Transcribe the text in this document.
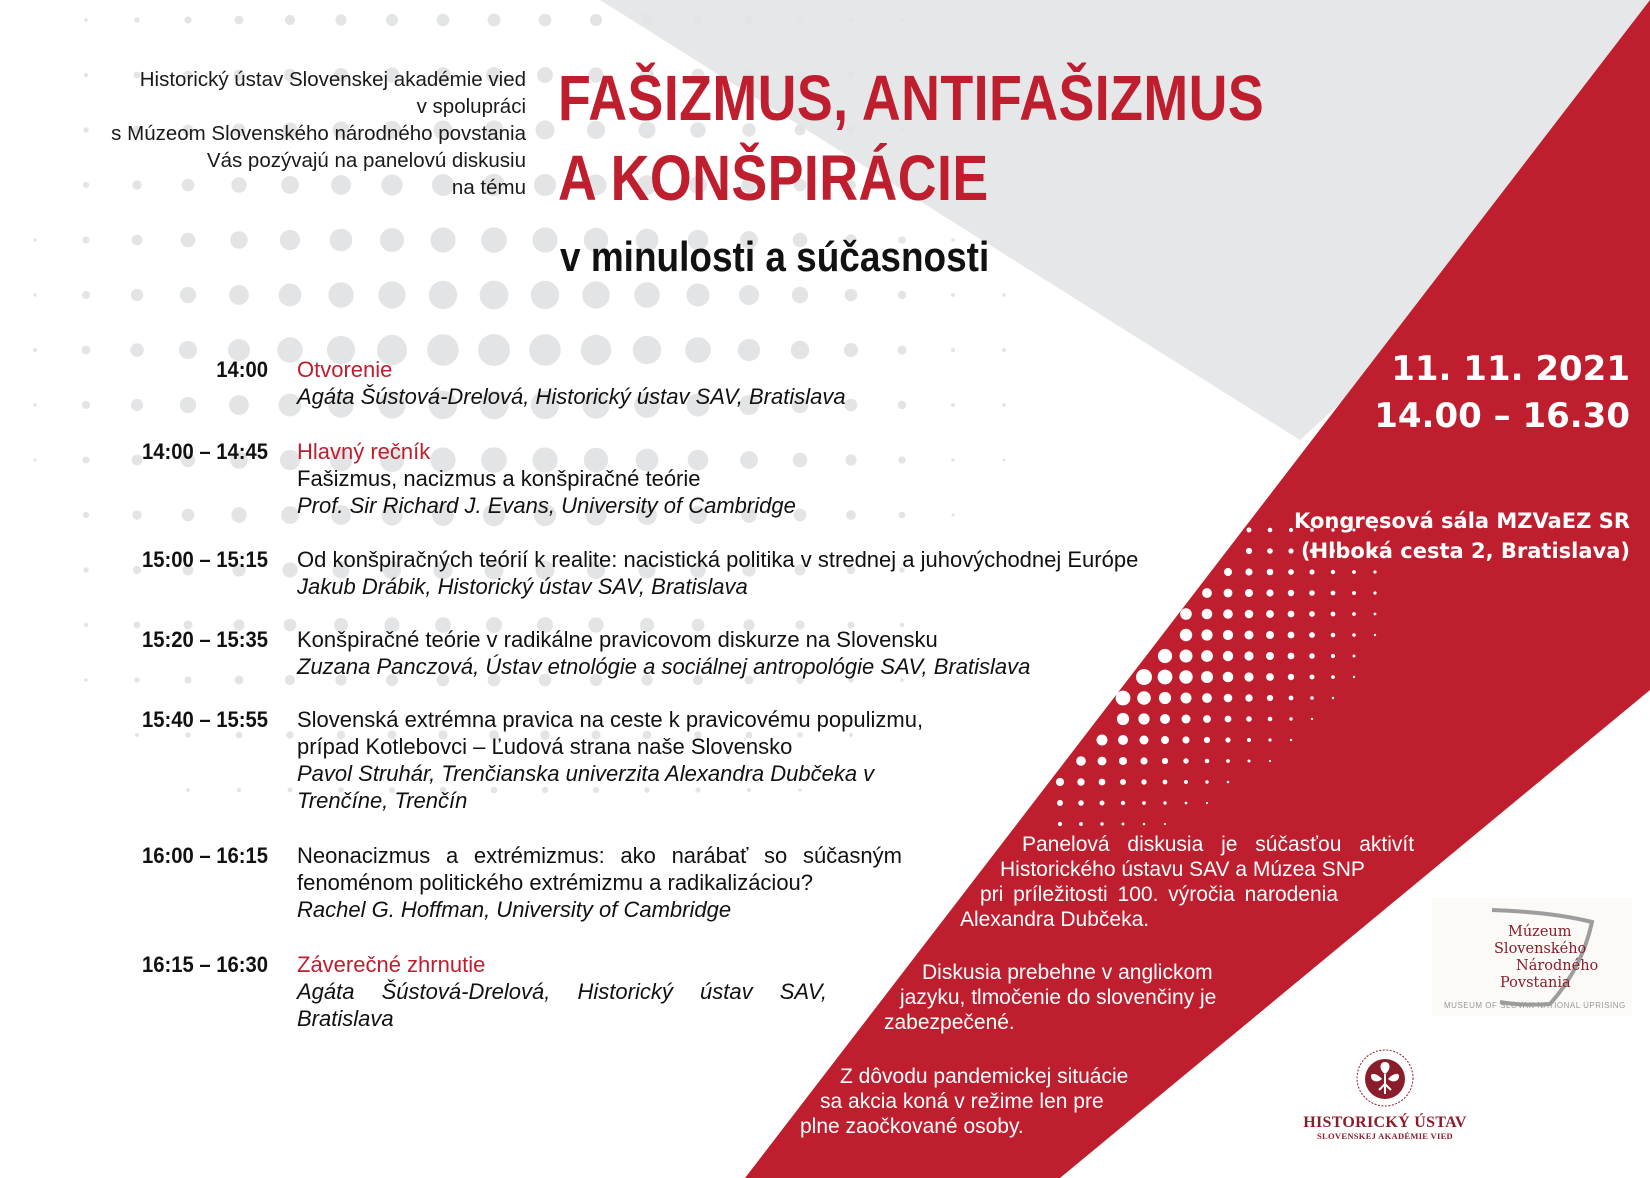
Historický ústav Slovenskej akadémie vied
v spolupráci
s Múzeom Slovenského národného povstania
Vás pozývajú na panelovú diskusiu
na tému
FAŠIZMUS, ANTIFAŠIZMUS
A KONŠPIRÁCIE
v minulosti a súčasnosti
11. 11. 2021
14.00 – 16.30
Kongresová sála MZVaEZ SR
(Hlboká cesta 2, Bratislava)
14:00 Otvorenie
Agáta Šústová-Drelová, Historický ústav SAV, Bratislava
14:00 – 14:45 Hlavný rečník
Fašizmus, nacizmus a konšpiračné teórie
Prof. Sir Richard J. Evans, University of Cambridge
15:00 – 15:15 Od konšpiračných teórií k realite: nacistická politika v strednej a juhovýchodnej Európe
Jakub Drábik, Historický ústav SAV, Bratislava
15:20 – 15:35 Konšpiračné teórie v radikálne pravicovom diskurze na Slovensku
Zuzana Panczová, Ústav etnológie a sociálnej antropológie SAV, Bratislava
15:40 – 15:55 Slovenská extrémna pravica na ceste k pravicovému populizmu, prípad Kotlebovci – Ľudová strana naše Slovensko
Pavol Struhár, Trenčianska univerzita Alexandra Dubčeka v Trenčíne, Trenčín
16:00 – 16:15 Neonacizmus a extrémizmus: ako narábať so súčasným fenoménom politického extrémizmu a radikalizáciou?
Rachel G. Hoffman, University of Cambridge
16:15 – 16:30 Záverečné zhrnutie
Agáta Šústová-Drelová, Historický ústav SAV, Bratislava
Panelová diskusia je súčasťou aktivít
Historického ústavu SAV a Múzea SNP
pri príležitosti 100. výročia narodenia
Alexandra Dubčeka.
Diskusia prebehne v anglickom
jazyku, tlmočenie do slovenčiny je
zabezpečené.
Z dôvodu pandemickej situácie
sa akcia koná v režime len pre
plne zaočkované osoby.
Múzeum
Slovenského
Národného
Povstania
MUSEUM OF SLOVAK NATIONAL UPRISING
HISTORICKÝ ÚSTAV
SLOVENSKEJ AKADÉMIE VIED
